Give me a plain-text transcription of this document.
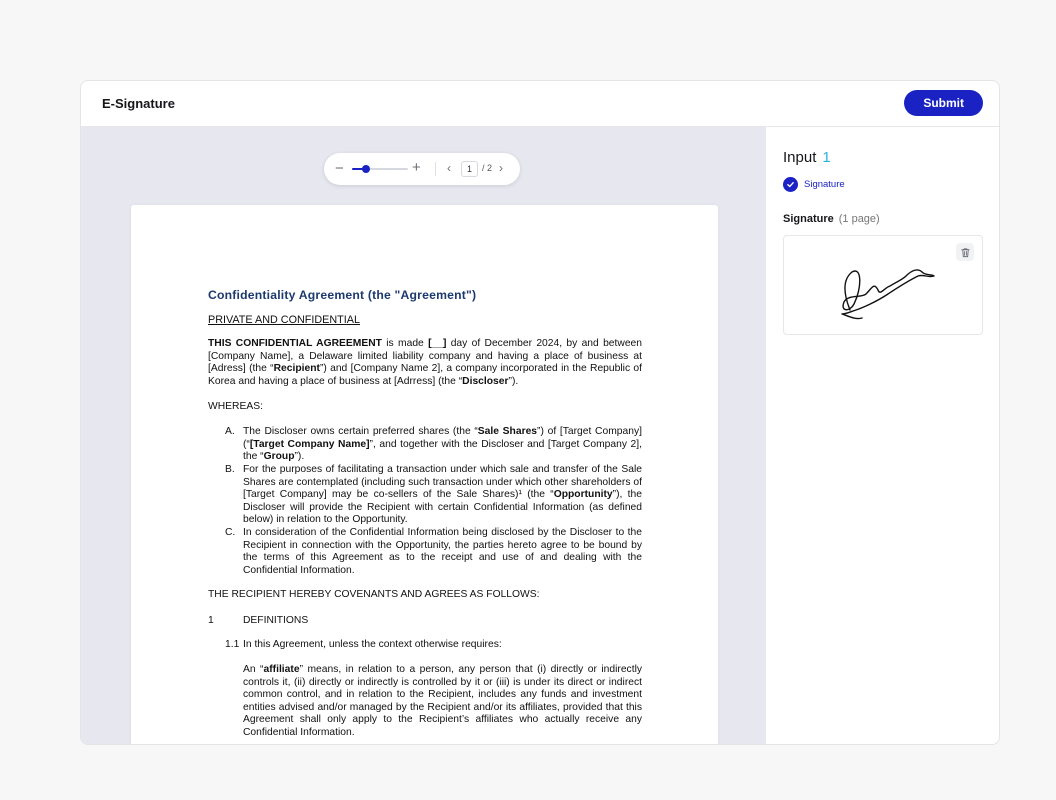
E-Signature	Submit
−	+ ‹
1	/ 2 ›
Confidentiality Agreement (the "Agreement")
PRIVATE AND CONFIDENTIAL
THIS CONFIDENTIAL AGREEMENT is made [__] day of December 2024, by and between [Company Name], a Delaware limited liability company and having a place of business at [Adress] (the “Recipient”) and [Company Name 2], a company incorporated in the Republic of Korea and having a place of business at [Adrress] (the “Discloser”).
WHEREAS:
A. The Discloser owns certain preferred shares (the “Sale Shares”) of [Target Company] (“[Target Company Name]”, and together with the Discloser and [Target Company 2], the “Group”).
B. For the purposes of facilitating a transaction under which sale and transfer of the Sale Shares are contemplated (including such transaction under which other shareholders of [Target Company] may be co-sellers of the Sale Shares)¹ (the “Opportunity”), the Discloser will provide the Recipient with certain Confidential Information (as defined below) in relation to the Opportunity.
C. In consideration of the Confidential Information being disclosed by the Discloser to the Recipient in connection with the Opportunity, the parties hereto agree to be bound by the terms of this Agreement as to the receipt and use of and dealing with the Confidential Information.
THE RECIPIENT HEREBY COVENANTS AND AGREES AS FOLLOWS:
1	DEFINITIONS
1.1 In this Agreement, unless the context otherwise requires:
An “affiliate” means, in relation to a person, any person that (i) directly or indirectly controls it, (ii) directly or indirectly is controlled by it or (iii) is under its direct or indirect common control, and in relation to the Recipient, includes any funds and investment entities advised and/or managed by the Recipient and/or its affiliates, provided that this Agreement shall only apply to the Recipient’s affiliates who actually receive any Confidential Information.
Input 1
Signature
Signature (1 page)
